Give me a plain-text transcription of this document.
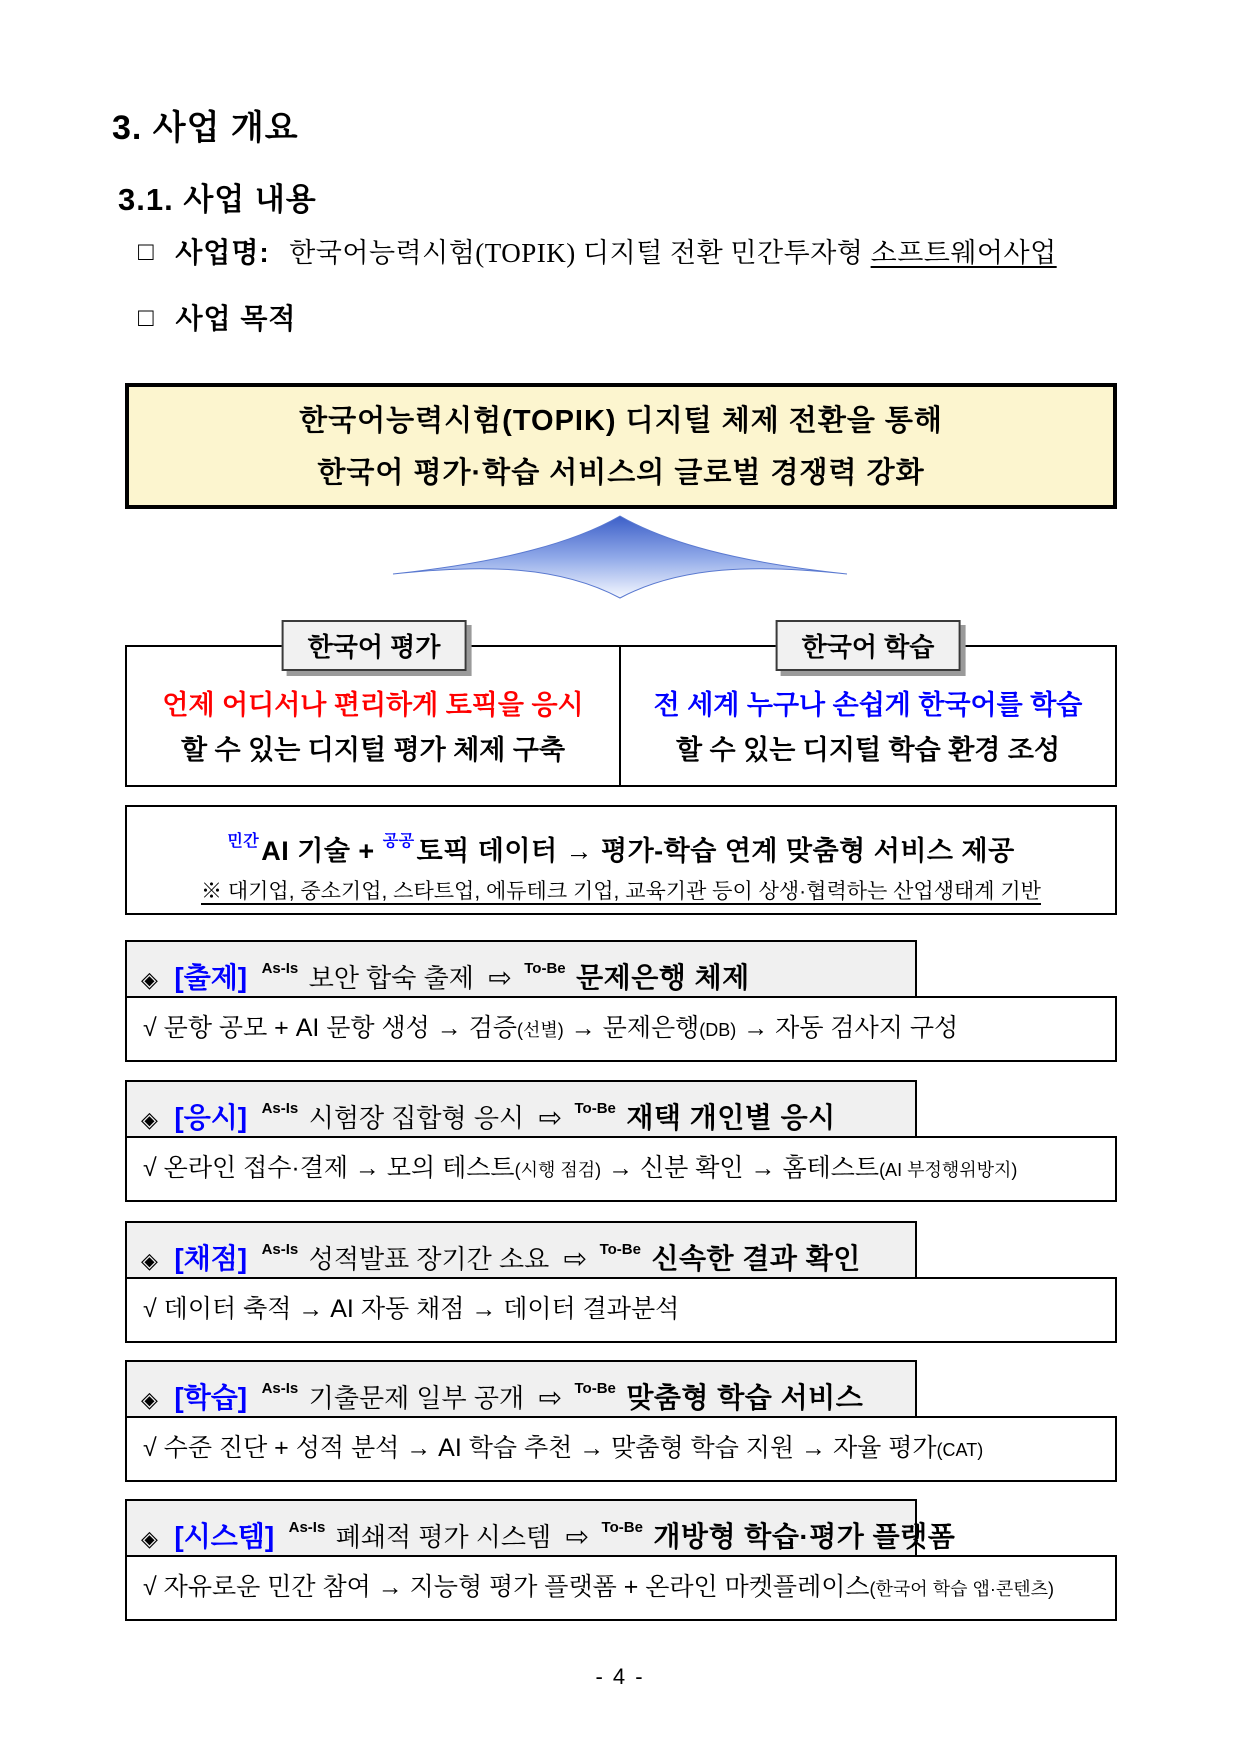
3. 사업 개요
3.1. 사업 내용
□ 사업명: 한국어능력시험(TOPIK) 디지털 전환 민간투자형 소프트웨어사업
□ 사업 목적
한국어능력시험(TOPIK) 디지털 체제 전환을 통해
한국어 평가·학습 서비스의 글로벌 경쟁력 강화
한국어 평가	한국어 학습
언제 어디서나 편리하게 토픽을 응시
할 수 있는 디지털 평가 체제 구축
전 세계 누구나 손쉽게 한국어를 학습
할 수 있는 디지털 학습 환경 조성
$^{민간}$AI 기술 + $^{공공}$토픽 데이터 → 평가-학습 연계 맞춤형 서비스 제공
※ 대기업, 중소기업, 스타트업, 에듀테크 기업, 교육기관 등이 상생·협력하는 산업생태계 기반
◈ [출제] As-Is 보안 합숙 출제 ⇨ To-Be 문제은행 체제
√ 문항 공모 + AI 문항 생성 → 검증(선별) → 문제은행(DB) → 자동 검사지 구성
◈ [응시] As-Is 시험장 집합형 응시 ⇨ To-Be 재택 개인별 응시
√ 온라인 접수·결제 → 모의 테스트(시행 점검) → 신분 확인 → 홈테스트(AI 부정행위방지)
◈ [채점] As-Is 성적발표 장기간 소요 ⇨ To-Be 신속한 결과 확인
√ 데이터 축적 → AI 자동 채점 → 데이터 결과분석
◈ [학습] As-Is 기출문제 일부 공개 ⇨ To-Be 맞춤형 학습 서비스
√ 수준 진단 + 성적 분석 → AI 학습 추천 → 맞춤형 학습 지원 → 자율 평가(CAT)
◈ [시스템] As-Is 폐쇄적 평가 시스템 ⇨ To-Be 개방형 학습·평가 플랫폼
√ 자유로운 민간 참여 → 지능형 평가 플랫폼 + 온라인 마켓플레이스(한국어 학습 앱·콘텐츠)
- 4 -
